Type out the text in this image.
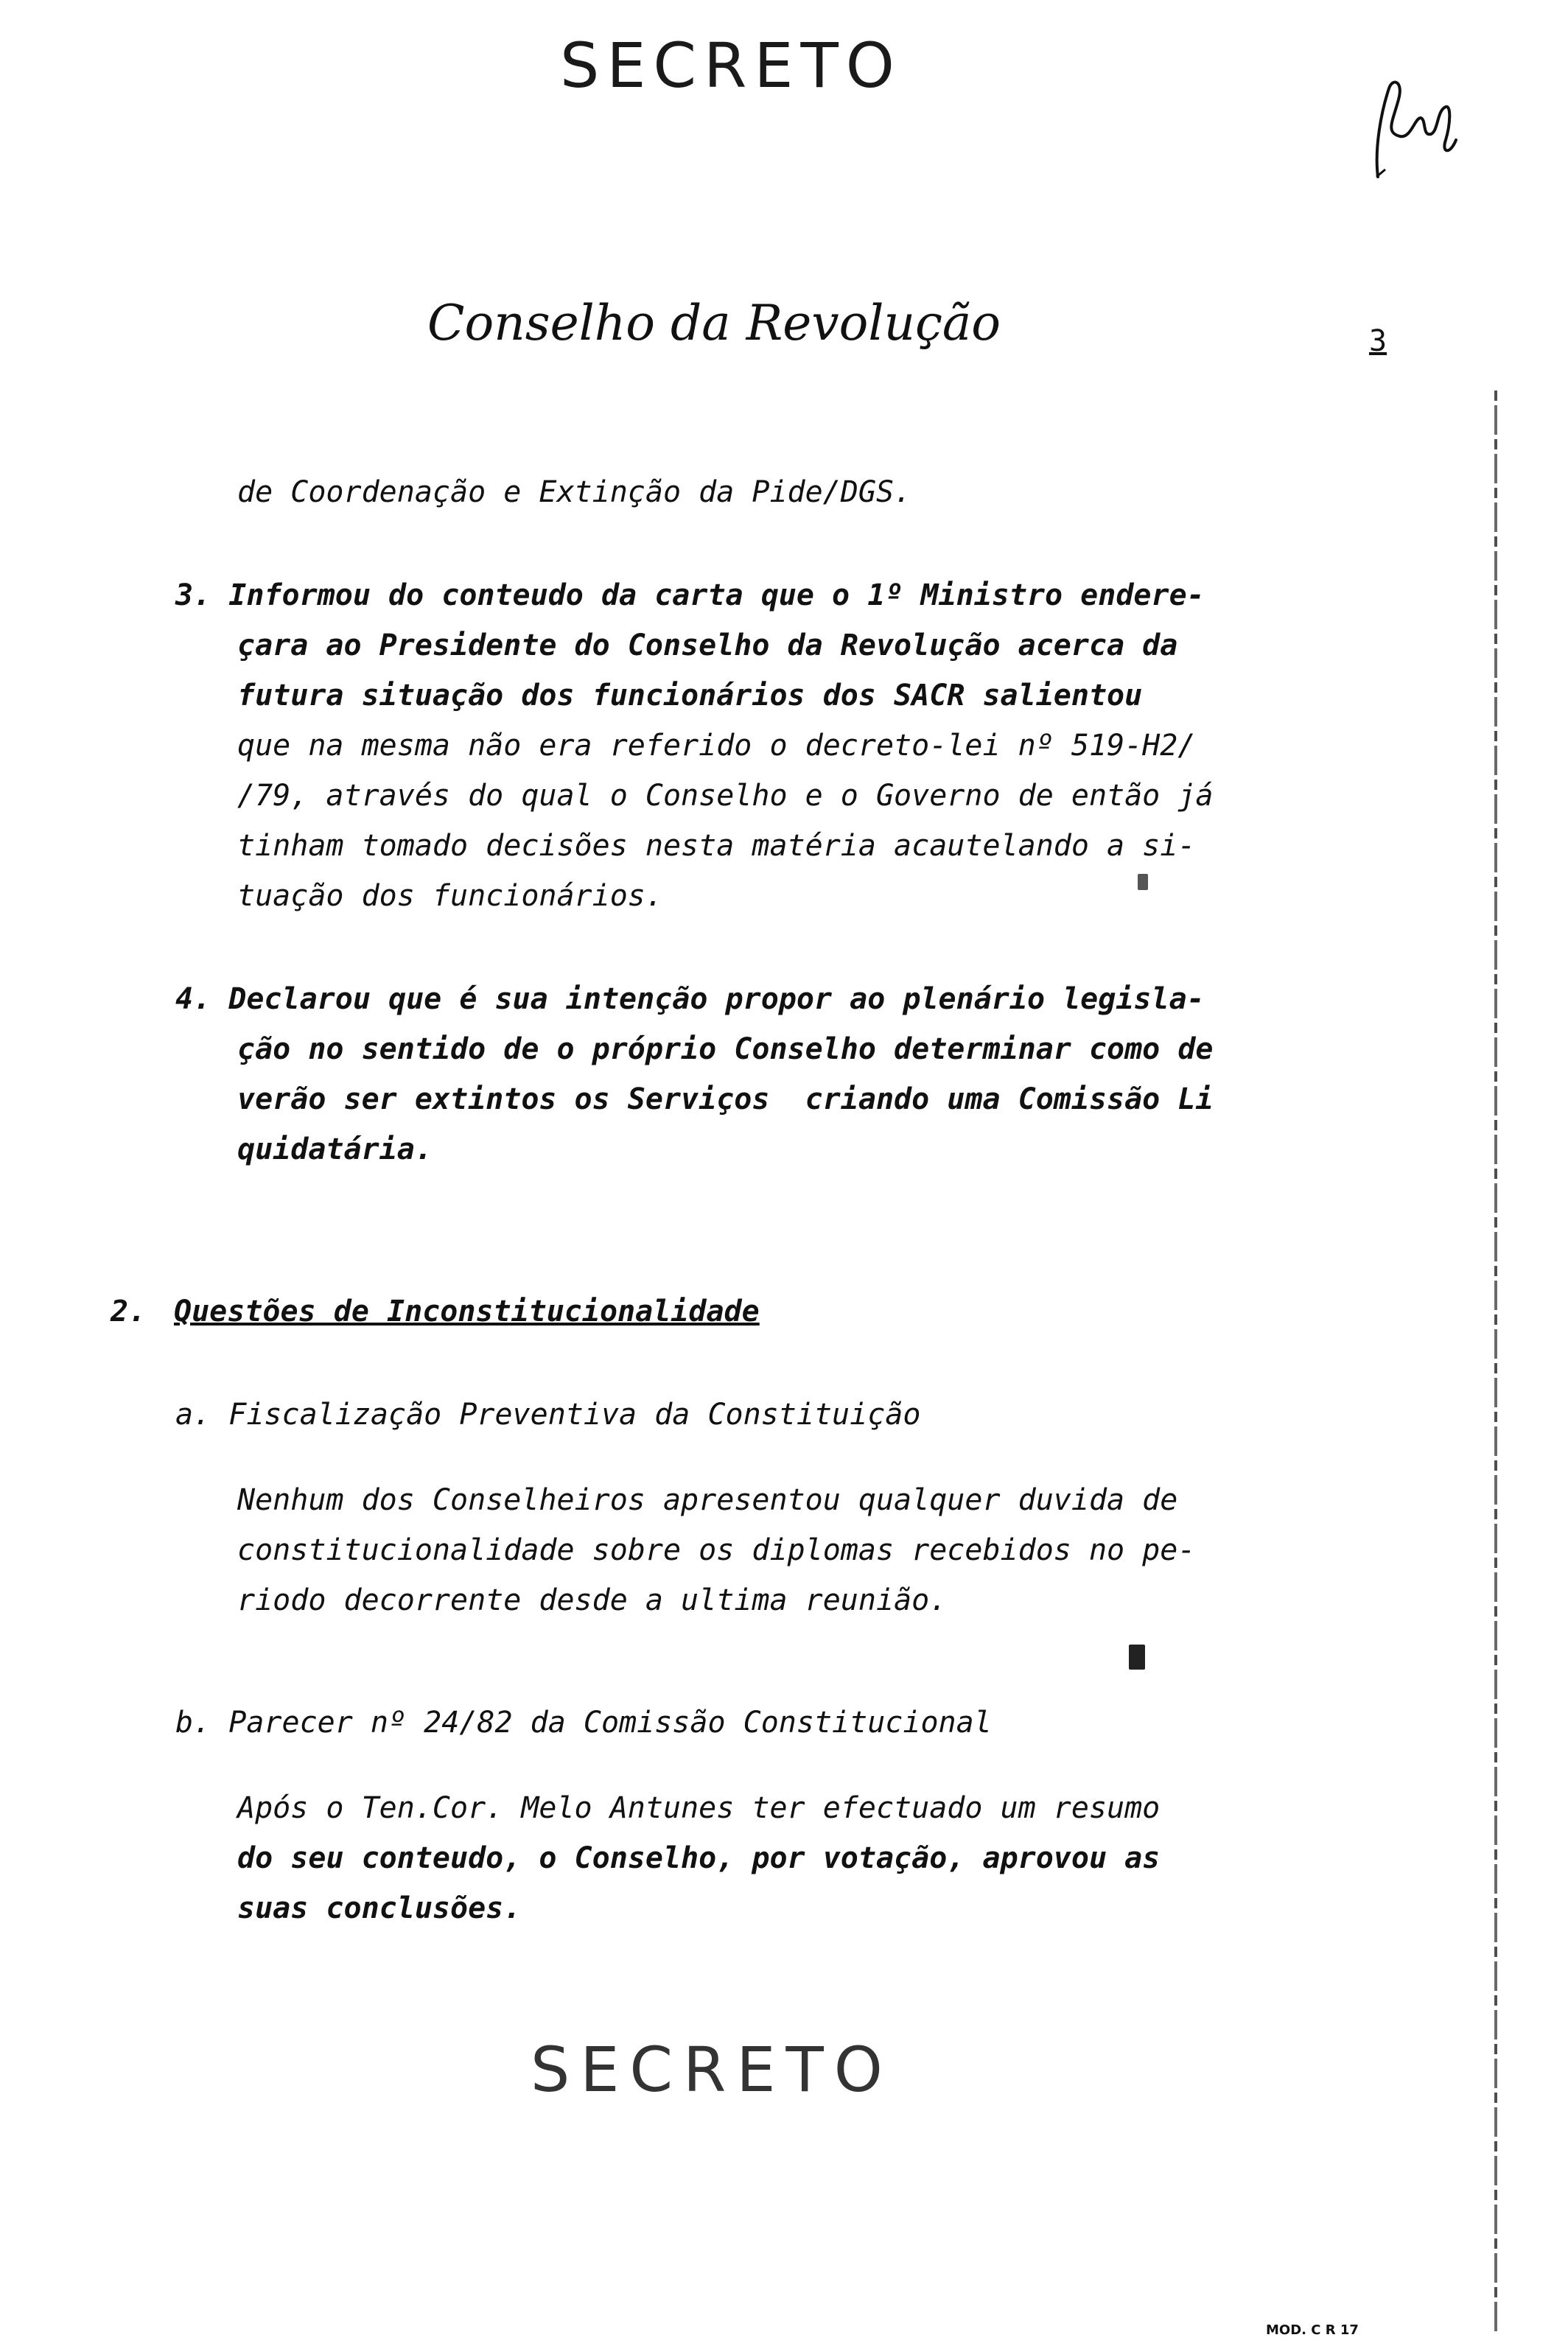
SECRETO
Conselho da Revolução	3
de Coordenação e Extinção da Pide/DGS.
3. Informou do conteudo da carta que o 1º Ministro endere-
çara ao Presidente do Conselho da Revolução acerca da
futura situação dos funcionários dos SACR salientou
que na mesma não era referido o decreto-lei nº 519-H2/
/79, através do qual o Conselho e o Governo de então já
tinham tomado decisões nesta matéria acautelando a si-
tuação dos funcionários.
4. Declarou que é sua intenção propor ao plenário legisla-
ção no sentido de o próprio Conselho determinar como de
verão ser extintos os Serviços  criando uma Comissão Li
quidatária.
2. Questões de Inconstitucionalidade
a. Fiscalização Preventiva da Constituição
Nenhum dos Conselheiros apresentou qualquer duvida de
constitucionalidade sobre os diplomas recebidos no pe-
riodo decorrente desde a ultima reunião.
b. Parecer nº 24/82 da Comissão Constitucional
Após o Ten.Cor. Melo Antunes ter efectuado um resumo
do seu conteudo, o Conselho, por votação, aprovou as
suas conclusões.
SECRETO
MOD. C R 17
